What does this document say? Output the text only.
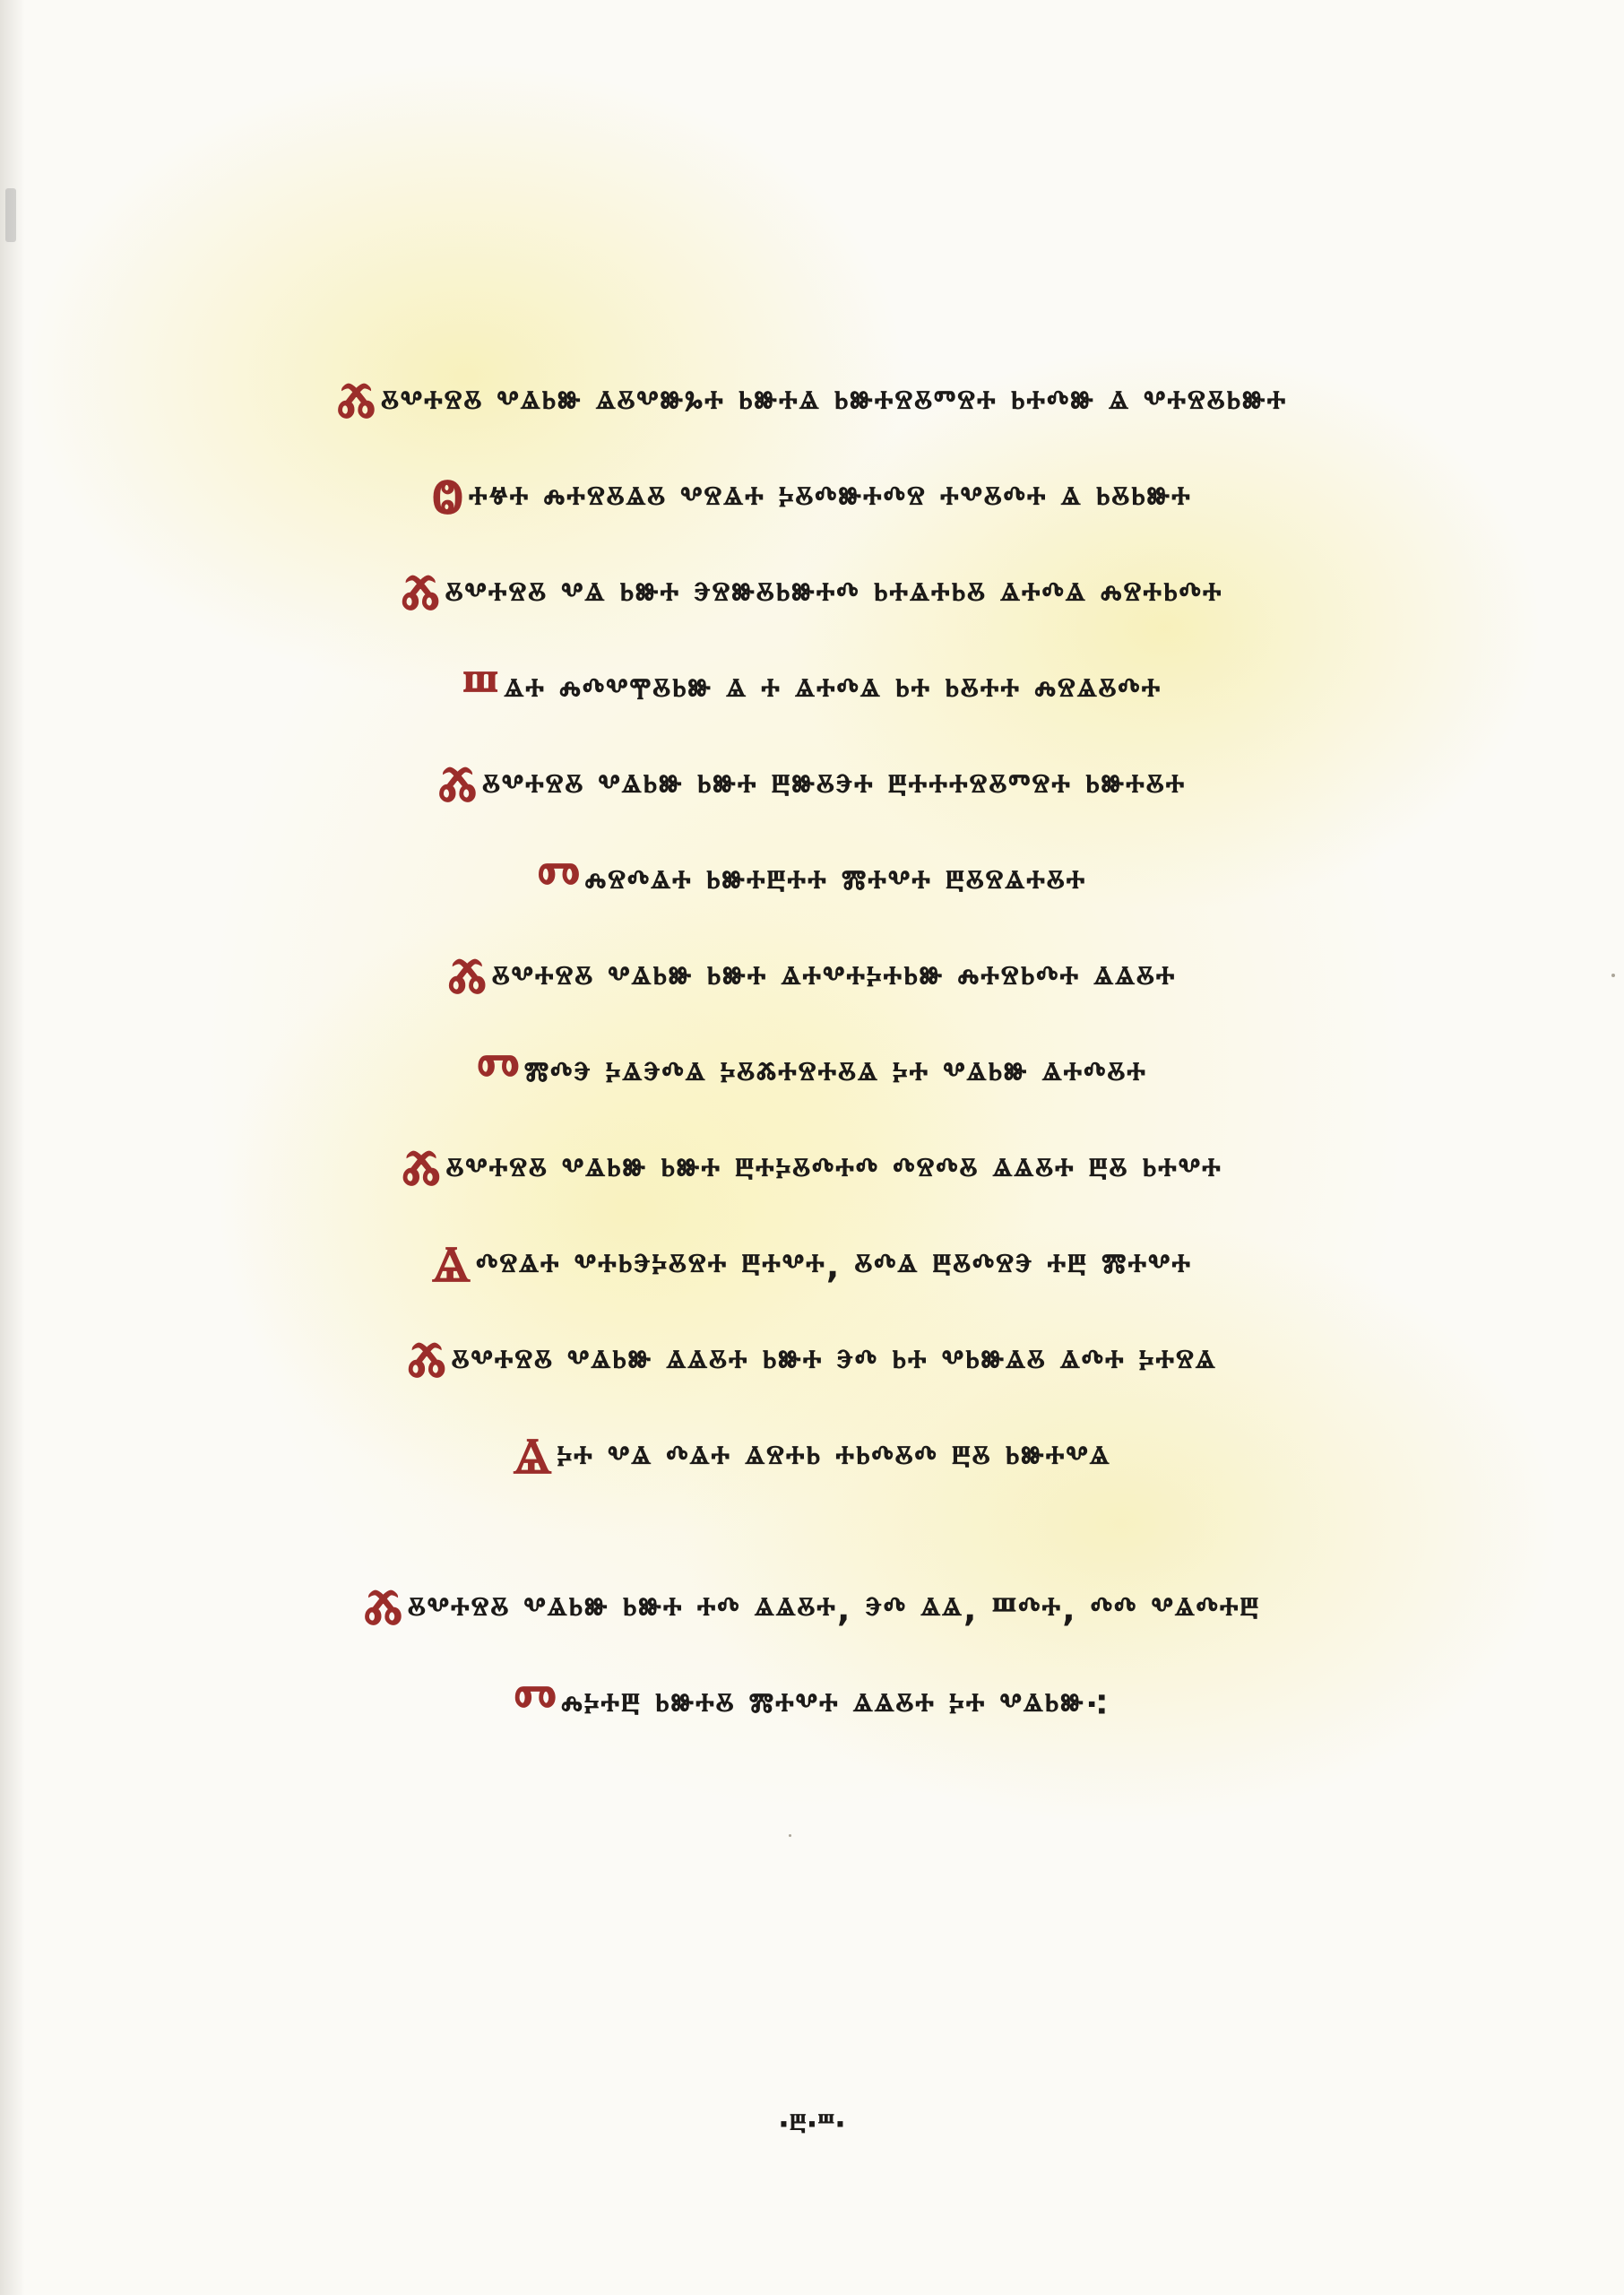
Ⰶ ⰻⰲⰰⱄⰻ ⰲⱑⱃⱆ ⱑⰻⰲⱆⰳⰰ ⱃⱆⰰⱑ ⱃⱆⰰⱄⰻⱅⱄⰰ ⱃⰰⰴⱆ ⱑ ⰲⰰⱄⰻⱃⱆⰰ
Ⱉ ⰰⱍⰰ ⰾⰰⱄⰻⱑⰻ ⰲⱄⱑⰰ ⰽⰻⰴⱆⰰⰴⱄ ⰰⰲⰻⰴⰰ ⱑ ⱃⰻⱃⱆⰰ
Ⰶ ⰻⰲⰰⱄⰻ ⰲⱑ ⱃⱆⰰ ⰵⱄⱆⰻⱃⱆⰰⰴ ⱃⰰⱑⰰⱃⰻ ⱑⰰⰴⱑ ⰾⱄⰰⱃⰴⰰ
Ⱎ ⱑⰰ ⰾⰴⰲⰹⰻⱃⱆ ⱑ ⰰ ⱑⰰⰴⱑ ⱃⰰ ⱃⰻⰰⰰ ⰾⱄⱑⰻⰴⰰ
Ⰶ ⰻⰲⰰⱄⰻ ⰲⱑⱃⱆ ⱃⱆⰰ ⰱⱆⰻⰵⰰ ⰱⰰⰰⰰⱄⰻⱅⱄⰰ ⱃⱆⰰⰻⰰ
Ⱅ ⰾⱄⰴⱑⰰ ⱃⱆⰰⰱⰰⰰ ⰿⰰⰲⰰ ⰱⰻⱄⱑⰰⰻⰰ
Ⰶ ⰻⰲⰰⱄⰻ ⰲⱑⱃⱆ ⱃⱆⰰ ⱑⰰⰲⰰⰽⰰⱃⱆ ⰾⰰⱄⱃⰴⰰ ⱑⱑⰻⰰ
Ⱅ ⰿⰴⰵ ⰽⱑⰵⰴⱑ ⰽⰻⰶⰰⱄⰰⰻⱑ ⰽⰰ ⰲⱑⱃⱆ ⱑⰰⰴⰻⰰ
Ⰶ ⰻⰲⰰⱄⰻ ⰲⱑⱃⱆ ⱃⱆⰰ ⰱⰰⰽⰻⰴⰰⰴ ⰴⱄⰴⰻ ⱑⱑⰻⰰ ⰱⰻ ⱃⰰⰲⰰ
Ⱑ ⰴⱄⱑⰰ ⰲⰰⱃⰵⰽⰻⱄⰰ ⰱⰰⰲⰰ, ⰻⰴⱑ ⰱⰻⰴⱄⰵ ⰰⰱ ⰿⰰⰲⰰ
Ⰶ ⰻⰲⰰⱄⰻ ⰲⱑⱃⱆ ⱑⱑⰻⰰ ⱃⱆⰰ ⰵⰴ ⱃⰰ ⰲⱃⱆⱑⰻ ⱑⰴⰰ ⰽⰰⱄⱑ
Ⱑ ⰽⰰ ⰲⱑ ⰴⱑⰰ ⱑⱄⰰⱃ ⰰⱃⰴⰻⰴ ⰱⰻ ⱃⱆⰰⰲⱑ
Ⰶ ⰻⰲⰰⱄⰻ ⰲⱑⱃⱆ ⱃⱆⰰ ⰰⰴ ⱑⱑⰻⰰ, ⰵⰴ ⱑⱑ, Ⱎⰴⰰ, ⰴⰴ ⰲⱑⰴⰰⰱ
Ⱅ ⰾⰽⰰⰱ ⱃⱆⰰⰻ ⰿⰰⰲⰰ ⱑⱑⰻⰰ ⰽⰰ ⰲⱑⱃⱆ⁖
·ⰱ·ⱎ·
